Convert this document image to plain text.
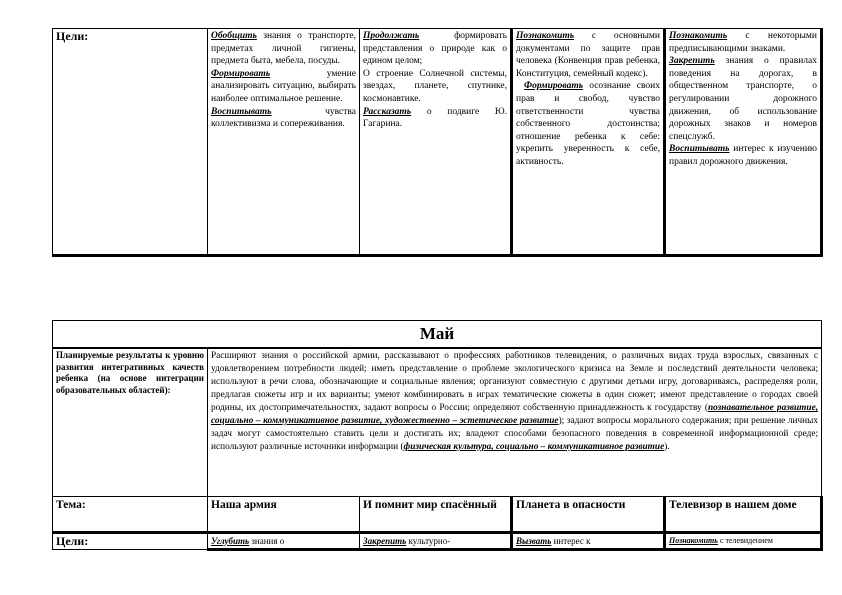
Цели:	Обобщить знания о транспорте, предметах личной гигиены, предмета быта, мебела, посуды.
Формировать умение анализировать ситуацию, выбирать наиболее оптимальное решение.
Воспитывать чувства коллективизма и сопереживания.

Продолжать формировать представления о природе как о едином целом;
О строение Солнечной системы, звездах, планете, спутнике, космонавтике.
Рассказать о подвиге Ю. Гагарина.

Познакомить с основными документами по защите прав человека (Конвенция прав ребенка, Конституция, семейный кодекс).
Формировать осознание своих прав и свобод, чувство ответственности чувства собственного достоинства; отношение ребенка к себе: укрепить уверенность к себе, активность.

Познакомить с некоторыми предписывающими знаками.
Закрепить знания о правилах поведения на дорогах, в общественном транспорте, о регулировании дорожного движения, об использование дорожных знаков и номеров спецслужб.
Воспитывать интерес к изучению правил дорожного движения.
Май				
Планируемые результаты к уровню развития интегративных качеств ребенка (на основе интеграции образовательных областей):	Расширяют знания о российской армии, рассказывают о профессиях работников телевидения, о различных видах труда взрослых, связанных с удовлетворением потребности людей; иметь представление о проблеме экологического кризиса на Земле и последствий деятельности человека; используют в речи слова, обозначающие и социальные явления; организуют совместную с другими детьми игру, договариваясь, распределяя роли, предлагая сюжеты игр и их варианты; умеют комбинировать в играх тематические сюжеты в один сюжет; имеют представление о городах своей родины, их достопримечательностях, задают вопросы о России; определяют собственную принадлежность к государству (познавательное развитие, социально – коммуникативное развитие, художественно – эстетическое развитие); задают вопросы морального содержания; при решение личных задач могут самостоятельно ставить цели и достигать их; владеют способами безопасного поведения в современной информационной среде; используют различные источники информации (физическая культура, социально – коммуникативное развитие).			
Тема:	Наша армия	И помнит мир спасённый	Планета в опасности	Телевизор в нашем доме
Цели:	Углубить знания о	Закрепить культурно-	Вызвать интерес к	Познакомить с телевидением
